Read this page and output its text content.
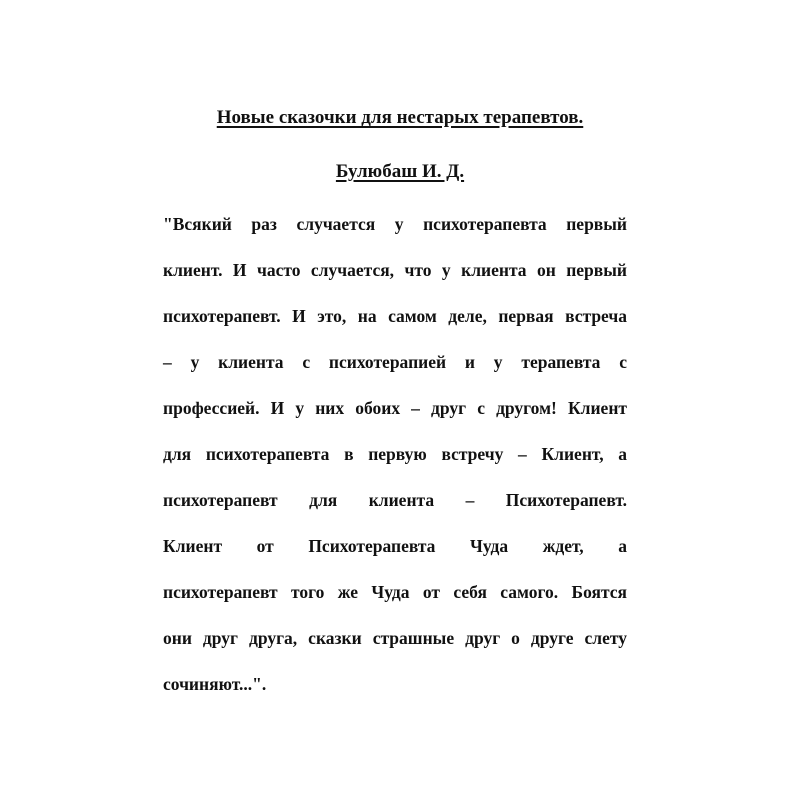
Новые сказочки для нестарых терапевтов.
Булюбаш И. Д.
"Всякий раз случается у психотерапевта первый
клиент. И часто случается, что у клиента он первый
психотерапевт. И это, на самом деле, первая встреча
– у клиента с психотерапией и у терапевта с
профессией. И у них обоих – друг с другом! Клиент
для психотерапевта в первую встречу – Клиент, а
психотерапевт для клиента – Психотерапевт.
Клиент от Психотерапевта Чуда ждет, а
психотерапевт того же Чуда от себя самого. Боятся
они друг друга, сказки страшные друг о друге слету
сочиняют...".
